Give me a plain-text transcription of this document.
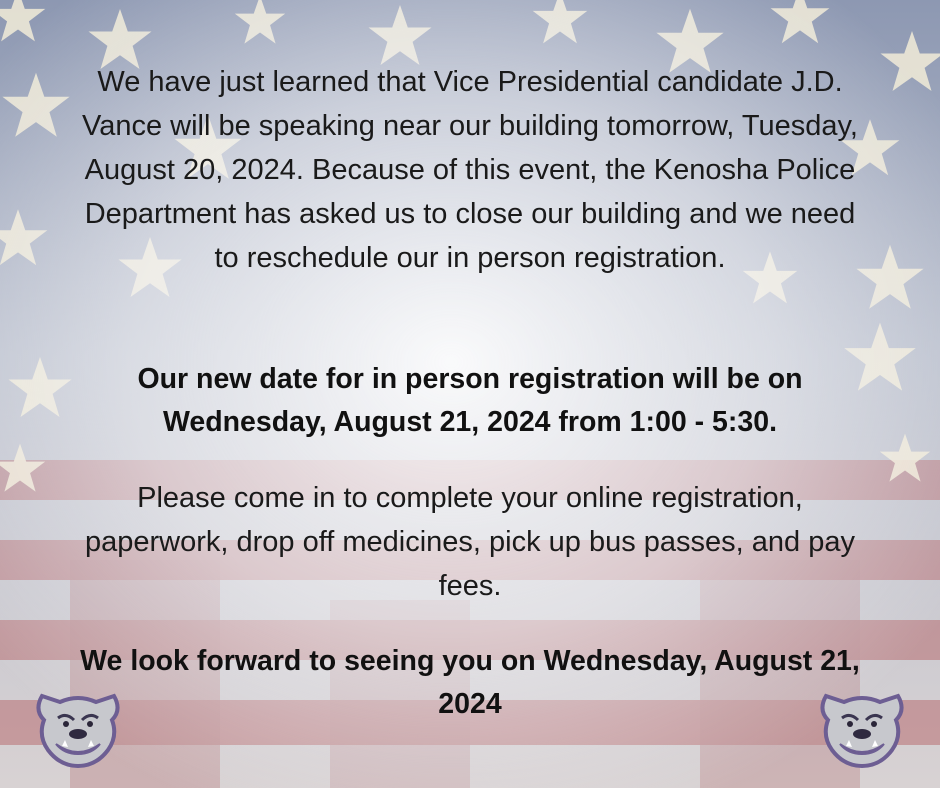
We have just learned that Vice Presidential candidate J.D. Vance will be speaking near our building tomorrow, Tuesday, August 20, 2024. Because of this event, the Kenosha Police Department has asked us to close our building and we need to reschedule our in person registration.

Our new date for in person registration will be on Wednesday, August 21, 2024 from 1:00 - 5:30.

Please come in to complete your online registration, paperwork, drop off medicines, pick up bus passes, and pay fees.

We look forward to seeing you on Wednesday, August 21, 2024
